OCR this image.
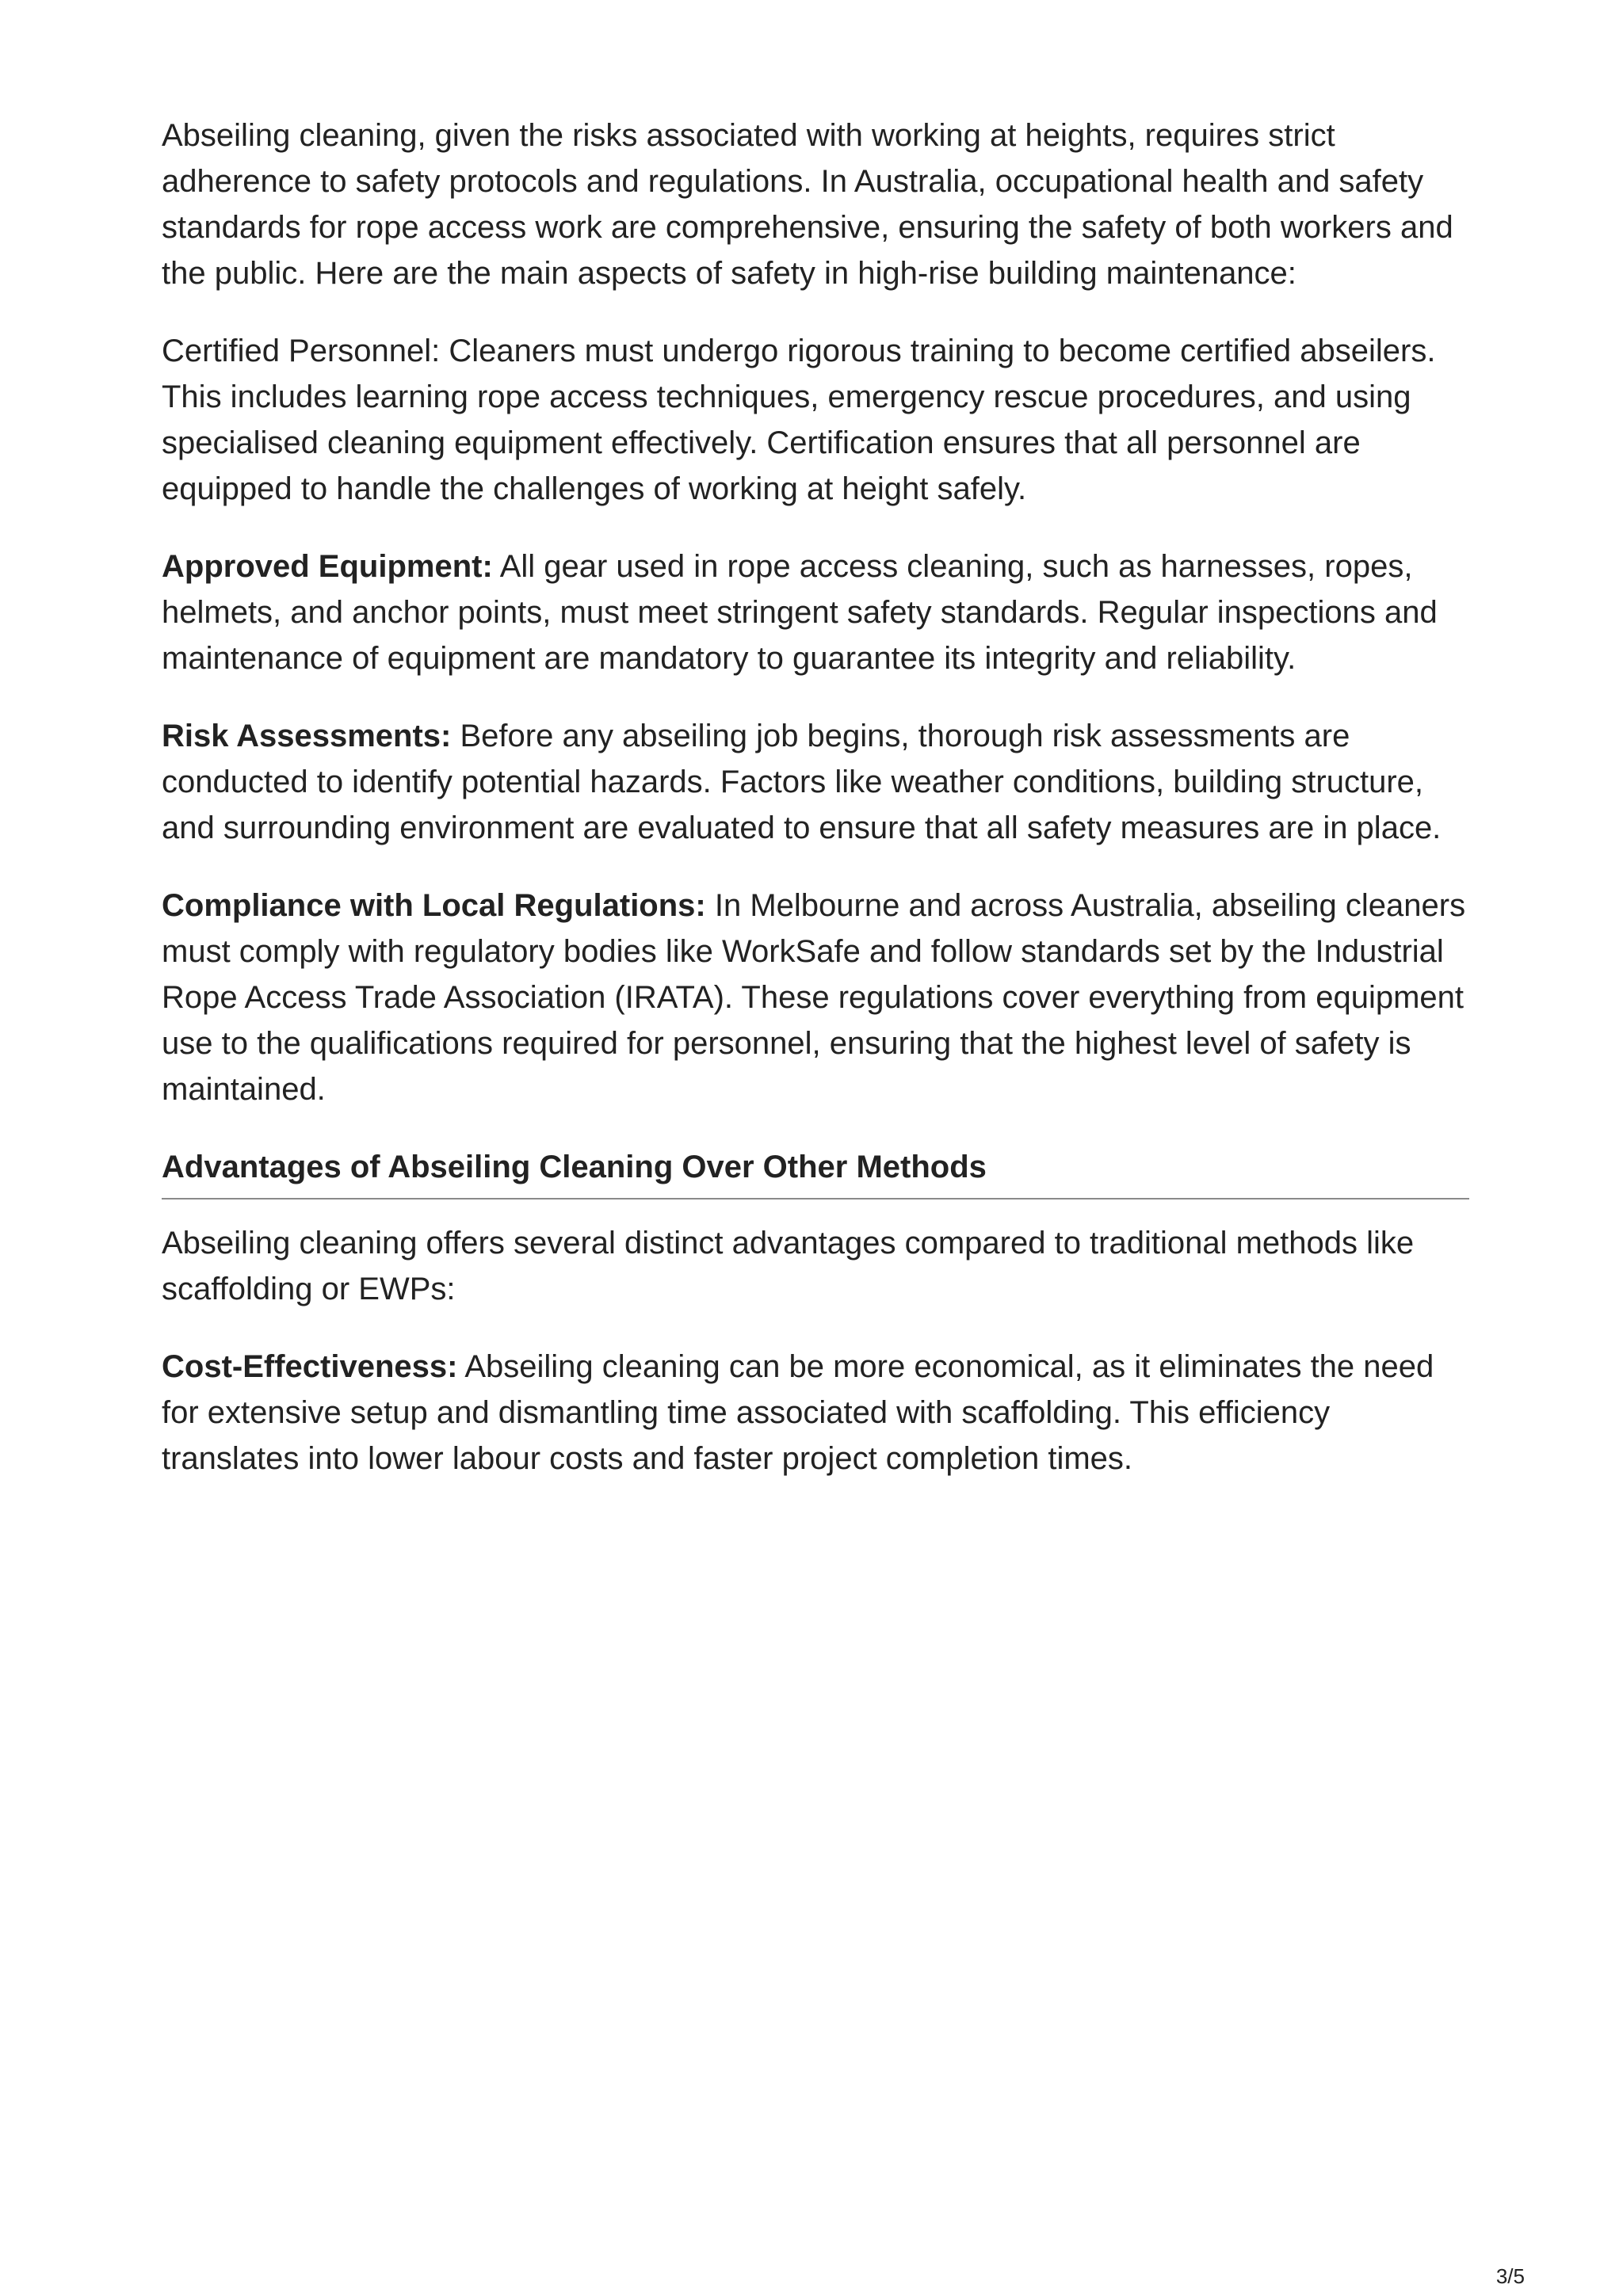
Abseiling cleaning, given the risks associated with working at heights, requires strict adherence to safety protocols and regulations. In Australia, occupational health and safety standards for rope access work are comprehensive, ensuring the safety of both workers and the public. Here are the main aspects of safety in high-rise building maintenance:

Certified Personnel: Cleaners must undergo rigorous training to become certified abseilers. This includes learning rope access techniques, emergency rescue procedures, and using specialised cleaning equipment effectively. Certification ensures that all personnel are equipped to handle the challenges of working at height safely.

Approved Equipment: All gear used in rope access cleaning, such as harnesses, ropes, helmets, and anchor points, must meet stringent safety standards. Regular inspections and maintenance of equipment are mandatory to guarantee its integrity and reliability.

Risk Assessments: Before any abseiling job begins, thorough risk assessments are conducted to identify potential hazards. Factors like weather conditions, building structure, and surrounding environment are evaluated to ensure that all safety measures are in place.

Compliance with Local Regulations: In Melbourne and across Australia, abseiling cleaners must comply with regulatory bodies like WorkSafe and follow standards set by the Industrial Rope Access Trade Association (IRATA). These regulations cover everything from equipment use to the qualifications required for personnel, ensuring that the highest level of safety is maintained.

Advantages of Abseiling Cleaning Over Other Methods

Abseiling cleaning offers several distinct advantages compared to traditional methods like scaffolding or EWPs:

Cost-Effectiveness: Abseiling cleaning can be more economical, as it eliminates the need for extensive setup and dismantling time associated with scaffolding. This efficiency translates into lower labour costs and faster project completion times.

3/5
